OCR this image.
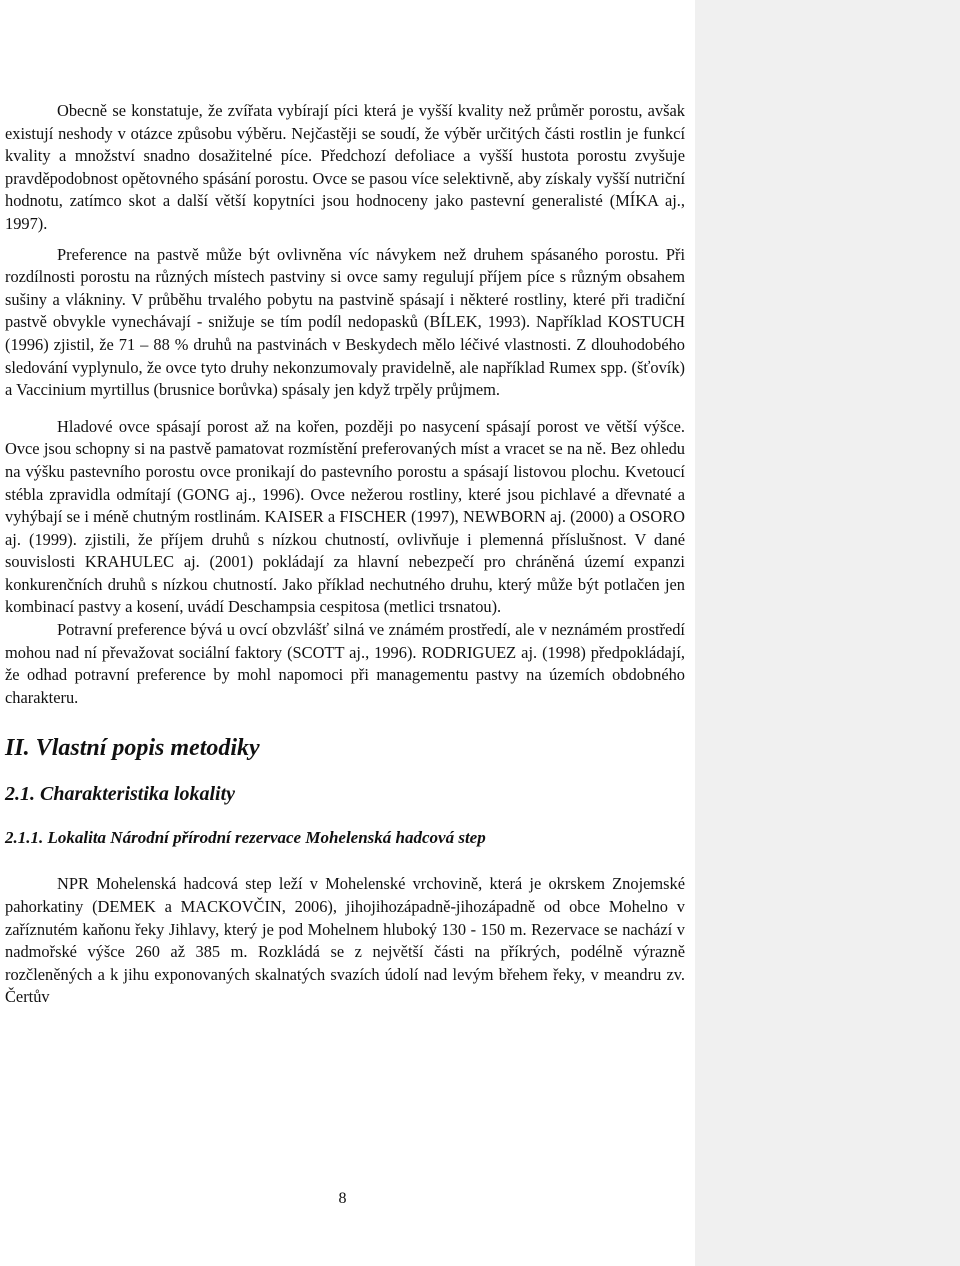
Obecně se konstatuje, že zvířata vybírají píci která je vyšší kvality než průměr porostu, avšak existují neshody v otázce způsobu výběru. Nejčastěji se soudí, že výběr určitých části rostlin je funkcí kvality a množství snadno dosažitelné píce. Předchozí defoliace a vyšší hustota porostu zvyšuje pravděpodobnost opětovného spásání porostu. Ovce se pasou více selektivně, aby získaly vyšší nutriční hodnotu, zatímco skot a další větší kopytníci jsou hodnoceny jako pastevní generalisté (MÍKA aj., 1997).

Preference na pastvě může být ovlivněna víc návykem než druhem spásaného porostu. Při rozdílnosti porostu na různých místech pastviny si ovce samy regulují příjem píce s různým obsahem sušiny a vlákniny. V průběhu trvalého pobytu na pastvině spásají i některé rostliny, které při tradiční pastvě obvykle vynechávají - snižuje se tím podíl nedopasků (BÍLEK, 1993). Například KOSTUCH (1996) zjistil, že 71 – 88 % druhů na pastvinách v Beskydech mělo léčivé vlastnosti. Z dlouhodobého sledování vyplynulo, že ovce tyto druhy nekonzumovaly pravidelně, ale například Rumex spp. (šťovík) a Vaccinium myrtillus (brusnice borůvka) spásaly jen když trpěly průjmem.

Hladové ovce spásají porost až na kořen, později po nasycení spásají porost ve větší výšce. Ovce jsou schopny si na pastvě pamatovat rozmístění preferovaných míst a vracet se na ně. Bez ohledu na výšku pastevního porostu ovce pronikají do pastevního porostu a spásají listovou plochu. Kvetoucí stébla zpravidla odmítají (GONG aj., 1996). Ovce nežerou rostliny, které jsou pichlavé a dřevnaté a vyhýbají se i méně chutným rostlinám. KAISER a FISCHER (1997), NEWBORN aj. (2000) a OSORO aj. (1999). zjistili, že příjem druhů s nízkou chutností, ovlivňuje i plemenná příslušnost. V dané souvislosti KRAHULEC aj. (2001) pokládají za hlavní nebezpečí pro chráněná území expanzi konkurenčních druhů s nízkou chutností. Jako příklad nechutného druhu, který může být potlačen jen kombinací pastvy a kosení, uvádí Deschampsia cespitosa (metlici trsnatou).

Potravní preference bývá u ovcí obzvlášť silná ve známém prostředí, ale v neznámém prostředí mohou nad ní převažovat sociální faktory (SCOTT aj., 1996). RODRIGUEZ aj. (1998) předpokládají, že odhad potravní preference by mohl napomoci při managementu pastvy na územích obdobného charakteru.

II. Vlastní popis metodiky
2.1. Charakteristika lokality
2.1.1. Lokalita Národní přírodní rezervace Mohelenská hadcová step

NPR Mohelenská hadcová step leží v Mohelenské vrchovině, která je okrskem Znojemské pahorkatiny (DEMEK a MACKOVČIN, 2006), jihojihozápadně-jihozápadně od obce Mohelno v zaříznutém kaňonu řeky Jihlavy, který je pod Mohelnem hluboký 130 - 150 m. Rezervace se nachází v nadmořské výšce 260 až 385 m. Rozkládá se z největší části na příkrých, podélně výrazně rozčleněných a k jihu exponovaných skalnatých svazích údolí nad levým břehem řeky, v meandru zv. Čertův

8
